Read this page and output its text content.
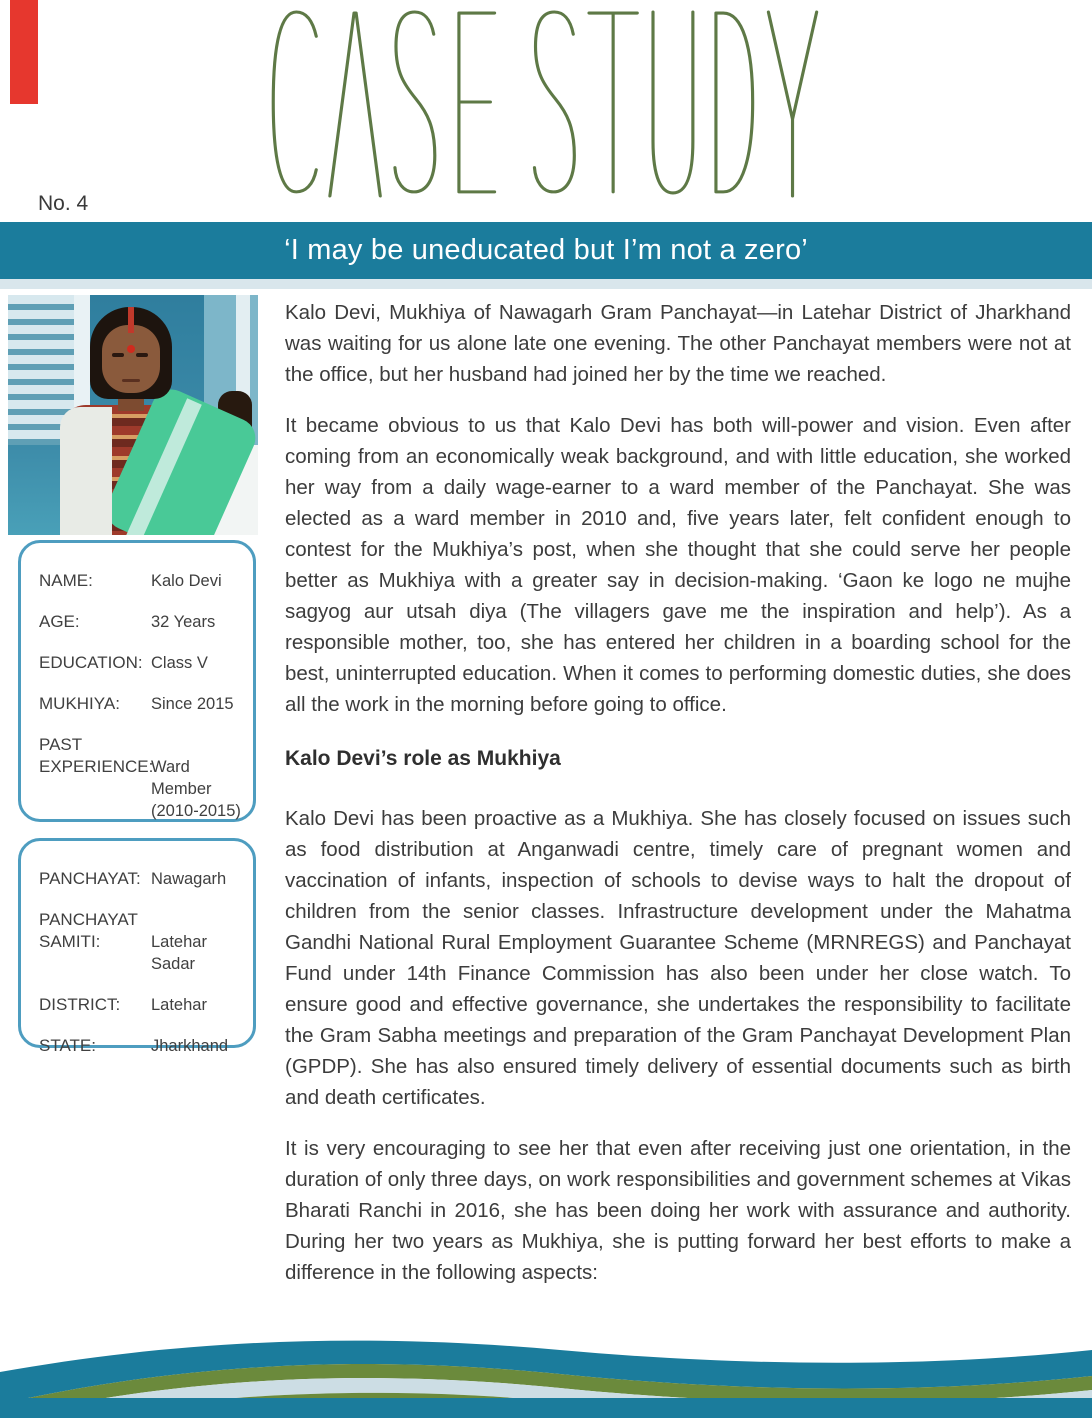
No. 4
‘I may be uneducated but I’m not a zero’
NAME:	Kalo Devi
AGE:	32 Years
EDUCATION: Class V
MUKHIYA:	Since 2015
PAST EXPERIENCE:
Ward Member (2010-2015)
PANCHAYAT: Nawagarh
PANCHAYAT SAMITI:	Latehar Sadar
DISTRICT:	Latehar
STATE:	Jharkhand

Kalo Devi, Mukhiya of Nawagarh Gram Panchayat—in Latehar District of Jharkhand was waiting for us alone late one evening. The other Panchayat members were not at the office, but her husband had joined her by the time we reached.

It became obvious to us that Kalo Devi has both will-power and vision. Even after coming from an economically weak background, and with little education, she worked her way from a daily wage-earner to a ward member of the Panchayat. She was elected as a ward member in 2010 and, five years later, felt confident enough to contest for the Mukhiya’s post, when she thought that she could serve her people better as Mukhiya with a greater say in decision-making. ‘Gaon ke logo ne mujhe sagyog aur utsah diya (The villagers gave me the inspiration and help’). As a responsible mother, too, she has entered her children in a boarding school for the best, uninterrupted education. When it comes to performing domestic duties, she does all the work in the morning before going to office.

Kalo Devi’s role as Mukhiya

Kalo Devi has been proactive as a Mukhiya. She has closely focused on issues such as food distribution at Anganwadi centre, timely care of pregnant women and vaccination of infants, inspection of schools to devise ways to halt the dropout of children from the senior classes. Infrastructure development under the Mahatma Gandhi National Rural Employment Guarantee Scheme (MRNREGS) and Panchayat Fund under 14th Finance Commission has also been under her close watch. To ensure good and effective governance, she undertakes the responsibility to facilitate the Gram Sabha meetings and preparation of the Gram Panchayat Development Plan (GPDP). She has also ensured timely delivery of essential documents such as birth and death certificates.

It is very encouraging to see her that even after receiving just one orientation, in the duration of only three days, on work responsibilities and government schemes at Vikas Bharati Ranchi in 2016, she has been doing her work with assurance and authority. During her two years as Mukhiya, she is putting forward her best efforts to make a difference in the following aspects:
